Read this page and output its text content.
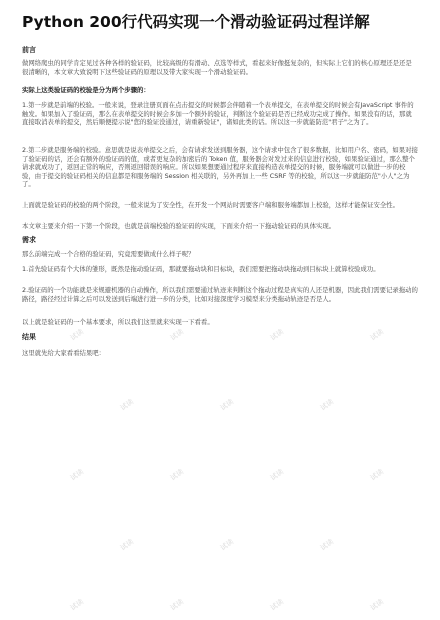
Python 200行代码实现一个滑动验证码过程详解
前言

做网络爬虫的同学肯定见过各种各样的验证码，比较高级的有滑动、点选等样式，看起来好像挺复杂的，但实际上它们的核心原理还是还是很清晰的，本文章大致说明下这些验证码的原理以及带大家实现一个滑动验证码。

实际上这类验证码的校验是分为两个步骤的：

1.第一步就是前端的校验。一般来说，登录注册页面在点击提交的时候都会伴随着一个表单提交，在表单提交的时候会有JavaScript 事件的触发。如果加入了验证码，那么在表单提交的时候会多加一个额外的验证，判断这个验证码是否已经成功完成了操作。如果没有的话，那就直接取消表单的提交，然后顺便提示说"您的验证没通过，请重新验证"，诸如此类的话。所以这一步就能防范"君子"之为了。

2.第二步就是服务端的校验。意思就是说表单提交之后，会有请求发送到服务器，这个请求中包含了很多数据，比如用户名、密码，如果对接了验证码的话，还会有额外的验证码的值，或者更复杂的加密后的 Token 值，服务器会对发过来的信息进行校验，如果验证通过，那么整个请求就成功了，返回正常的响应，否则返回错误的响应。所以如果想要通过程序来直接构造表单提交的时候，服务端就可以做进一步的校验，由于提交的验证码相关的信息都是和服务端的 Session 相关联的，另外再加上一些 CSRF 等的校验，所以这一步就能防范"小人"之为了。

上面就是验证码的校验的两个阶段，一般来说为了安全性，在开发一个网站时需要客户端和服务端都加上校验，这样才能保证安全性。

本文章主要来介绍一下第一个阶段，也就是前端校验的验证码的实现，下面来介绍一下拖动验证码的具体实现。

需求

那么前端完成一个合格的验证码，究竟需要做成什么样子呢？

1.首先验证码有个大体的雏形，既然是拖动验证码，那就要拖动块和目标块，我们需要把拖动块拖动到目标块上就算校验成功。

2.验证码的一个功能就是来规避机器的自动操作，所以我们需要通过轨迹来判断这个拖动过程是真实的人还是机器，因此我们需要记录拖动的路径，路径经过计算之后可以发送到后端进行进一步的分类，比如对接深度学习模型来分类拖动轨迹是否是人。

以上就是验证码的一个基本要求，所以我们这里就来实现一下看看。

结果

这里就先给大家看看结果吧：

试读	试读	试读	试读
试读	试读	试读
试读	试读	试读	试读
试读	试读	试读
试读	试读	试读	试读
